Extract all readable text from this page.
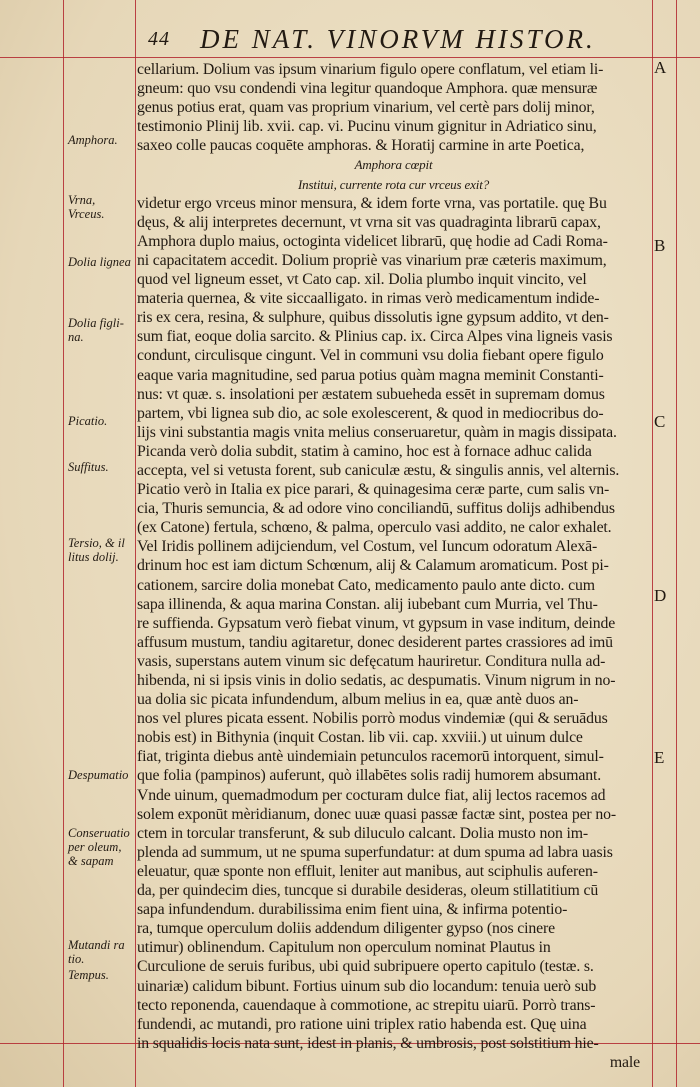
44 DE NAT. VINORVM HISTOR.
Amphora.
Vrna, Vrceus.
Dolia lignea
Dolia figli- na.
Picatio.
Suffitus.
Tersio, & il litus dolij.
Despumatio
Conseruatio per oleum, & sapam
Mutandi ra tio.
Tempus.
A
B
C
D
E
cellarium. Dolium vas ipsum vinarium figulo opere conflatum, vel etiam li-
gneum: quo vsu condendi vina legitur quandoque Amphora. quæ mensuræ
genus potius erat, quam vas proprium vinarium, vel certè pars dolij minor,
testimonio Plinij lib. xvii. cap. vi. Pucinu vinum gignitur in Adriatico sinu,
saxeo colle paucas coquēte amphoras. & Horatij carmine in arte Poetica,
Amphora cœpit
Institui, currente rota cur vrceus exit?
videtur ergo vrceus minor mensura, & idem forte vrna, vas portatile. quę Bu
dęus, & alij interpretes decernunt, vt vrna sit vas quadraginta librarū capax,
Amphora duplo maius, octoginta videlicet librarū, quę hodie ad Cadi Roma-
ni capacitatem accedit. Dolium propriè vas vinarium præ cæteris maximum,
quod vel ligneum esset, vt Cato cap. xil. Dolia plumbo inquit vincito, vel
materia quernea, & vite siccaalligato. in rimas verò medicamentum indide-
ris ex cera, resina, & sulphure, quibus dissolutis igne gypsum addito, vt den-
sum fiat, eoque dolia sarcito. & Plinius cap. ix. Circa Alpes vina ligneis vasis
condunt, circulisque cingunt. Vel in communi vsu dolia fiebant opere figulo
eaque varia magnitudine, sed parua potius quàm magna meminit Constanti-
nus: vt quæ. s. insolationi per æstatem subueheda essēt in supremam domus
partem, vbi lignea sub dio, ac sole exolescerent, & quod in mediocribus do-
lijs vini substantia magis vnita melius conseruaretur, quàm in magis dissipata.
Picanda verò dolia subdit, statim à camino, hoc est à fornace adhuc calida
accepta, vel si vetusta forent, sub caniculæ æstu, & singulis annis, vel alternis.
Picatio verò in Italia ex pice parari, & quinagesima ceræ parte, cum salis vn-
cia, Thuris semuncia, & ad odore vino conciliandū, suffitus dolijs adhibendus
(ex Catone) fertula, schœno, & palma, operculo vasi addito, ne calor exhalet.
Vel Iridis pollinem adijciendum, vel Costum, vel Iuncum odoratum Alexā-
drinum hoc est iam dictum Schœnum, alij & Calamum aromaticum. Post pi-
cationem, sarcire dolia monebat Cato, medicamento paulo ante dicto. cum
sapa illinenda, & aqua marina Constan. alij iubebant cum Murria, vel Thu-
re suffienda. Gypsatum verò fiebat vinum, vt gypsum in vase inditum, deinde
affusum mustum, tandiu agitaretur, donec desiderent partes crassiores ad imū
vasis, superstans autem vinum sic defęcatum hauriretur. Conditura nulla ad-
hibenda, ni si ipsis vinis in dolio sedatis, ac despumatis. Vinum nigrum in no-
ua dolia sic picata infundendum, album melius in ea, quæ antè duos an-
nos vel plures picata essent. Nobilis porrò modus vindemiæ (qui & seruādus
nobis est) in Bithynia (inquit Costan. lib vii. cap. xxviii.) ut uinum dulce
fiat, triginta diebus antè uindemiain petunculos racemorū intorquent, simul-
que folia (pampinos) auferunt, quò illabētes solis radij humorem absumant.
Vnde uinum, quemadmodum per cocturam dulce fiat, alij lectos racemos ad
solem exponūt mèridianum, donec uuæ quasi passæ factæ sint, postea per no-
ctem in torcular transferunt, & sub diluculo calcant. Dolia musto non im-
plenda ad summum, ut ne spuma superfundatur: at dum spuma ad labra uasis
eleuatur, quæ sponte non effluit, leniter aut manibus, aut sciphulis auferen-
da, per quindecim dies, tuncque si durabile desideras, oleum stillatitium cū
sapa infundendum. durabilissima enim fient uina, & infirma potentio-
ra, tumque operculum doliis addendum diligenter gypso (nos cinere
utimur) oblinendum. Capitulum non operculum nominat Plautus in
Curculione de seruis furibus, ubi quid subripuere operto capitulo (testæ. s.
uinariæ) calidum bibunt. Fortius uinum sub dio locandum: tenuia uerò sub
tecto reponenda, cauendaque à commotione, ac strepitu uiarū. Porrò trans-
fundendi, ac mutandi, pro ratione uini triplex ratio habenda est. Quę uina
in squalidis locis nata sunt, idest in planis, & umbrosis, post solstitium hie-
male
